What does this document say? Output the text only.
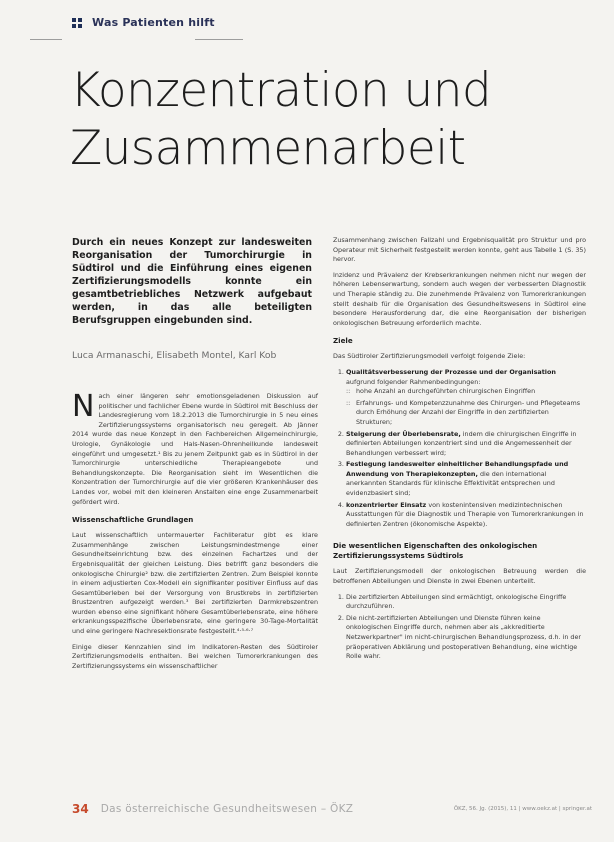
Was Patienten hilft
Konzentration und Zusammenarbeit

Durch ein neues Konzept zur landesweiten Reorganisation der Tumorchirurgie in Südtirol und die Einführung eines eigenen Zertifizierungsmodells konnte ein gesamtbetriebliches Netzwerk aufgebaut werden, in das alle beteiligten Berufsgruppen eingebunden sind.

Luca Armanaschi, Elisabeth Montel, Karl Kob

Nach einer längeren sehr emotionsgeladenen Diskussion auf politischer und fachlicher Ebene wurde in Südtirol mit Beschluss der Landesregierung vom 18.2.2013 die Tumorchirurgie in 5 neu eines Zertifizierungssystems organisatorisch neu geregelt. Ab Jänner 2014 wurde das neue Konzept in den Fachbereichen Allgemeinchirurgie, Urologie, Gynäkologie und Hals-Nasen-Ohrenheilkunde landesweit eingeführt und umgesetzt.¹ Bis zu jenem Zeitpunkt gab es in Südtirol in der Tumorchirurgie unterschiedliche Therapieangebote und Behandlungskonzepte. Die Reorganisation sieht im Wesentlichen die Konzentration der Tumorchirurgie auf die vier größeren Krankenhäuser des Landes vor, wobei mit den kleineren Anstalten eine enge Zusammenarbeit gefördert wird.

Wissenschaftliche Grundlagen

Laut wissenschaftlich untermauerter Fachliteratur gibt es klare Zusammenhänge zwischen Leistungsmindestmenge einer Gesundheitseinrichtung bzw. des einzelnen Fachartzes und der Ergebnisqualität der gleichen Leistung. Dies betrifft ganz besonders die onkologische Chirurgie² bzw. die zertifizierten Zentren. Zum Beispiel konnte in einem adjustierten Cox-Modell ein signifikanter positiver Einfluss auf das Gesamtüberleben bei der Versorgung von Brustkrebs in zertifizierten Brustzentren aufgezeigt werden.³ Bei zertifizierten Darmkrebszentren wurden ebenso eine signifikant höhere Gesamtüberlebensrate, eine höhere erkrankungsspezifische Überlebensrate, eine geringere 30-Tage-Mortalität und eine geringere Nachresektionsrate festgestellt.⁴·⁵·⁶·⁷

Einige dieser Kennzahlen sind im Indikatoren-Resten des Südtiroler Zertifizierungsmodells enthalten. Bei welchen Tumorerkrankungen des Zertifizierungssystems ein wissenschaftlicher

Zusammenhang zwischen Fallzahl und Ergebnisqualität pro Struktur und pro Operateur mit Sicherheit festgestellt werden konnte, geht aus Tabelle 1 (S. 35) hervor.

Inzidenz und Prävalenz der Krebserkrankungen nehmen nicht nur wegen der höheren Lebenserwartung, sondern auch wegen der verbesserten Diagnostik und Therapie ständig zu. Die zunehmende Prävalenz von Tumorerkrankungen stellt deshalb für die Organisation des Gesundheitswesens in Südtirol eine besondere Herausforderung dar, die eine Reorganisation der bisherigen onkologischen Betreuung erforderlich machte.

Ziele

Das Südtiroler Zertifizierungsmodell verfolgt folgende Ziele:

1. Qualitätsverbesserung der Prozesse und der Organisation aufgrund folgender Rahmenbedingungen:
:: hohe Anzahl an durchgeführten chirurgischen Eingriffen
:: Erfahrungs- und Kompetenzzunahme des Chirurgen- und Pflegeteams durch Erhöhung der Anzahl der Eingriffe in den zertifizierten Strukturen;
2. Steigerung der Überlebensrate, indem die chirurgischen Eingriffe in definierten Abteilungen konzentriert sind und die Angemessenheit der Behandlungen verbessert wird;
3. Festlegung landesweiter einheitlicher Behandlungspfade und Anwendung von Therapiekonzepten, die den international anerkannten Standards für klinische Effektivität entsprechen und evidenzbasiert sind;
4. konzentrierter Einsatz von kostenintensiven medizintechnischen Ausstattungen für die Diagnostik und Therapie von Tumorerkrankungen in definierten Zentren (ökonomische Aspekte).
Die wesentlichen Eigenschaften des onkologischen Zertifizierungssystems Südtirols

Laut Zertifizierungsmodell der onkologischen Betreuung werden die betroffenen Abteilungen und Dienste in zwei Ebenen unterteilt.

1. Die zertifizierten Abteilungen sind ermächtigt, onkologische Eingriffe durchzuführen.
2. Die nicht-zertifizierten Abteilungen und Dienste führen keine onkologischen Eingriffe durch, nehmen aber als „akkreditierte Netzwerkpartner" im nicht-chirurgischen Behandlungsprozess, d.h. in der präoperativen Abklärung und postoperativen Behandlung, eine wichtige Rolle wahr.
34 Das österreichische Gesundheitswesen – ÖKZ	ÖKZ, 56. Jg. (2015), 11 | www.oekz.at | springer.at
